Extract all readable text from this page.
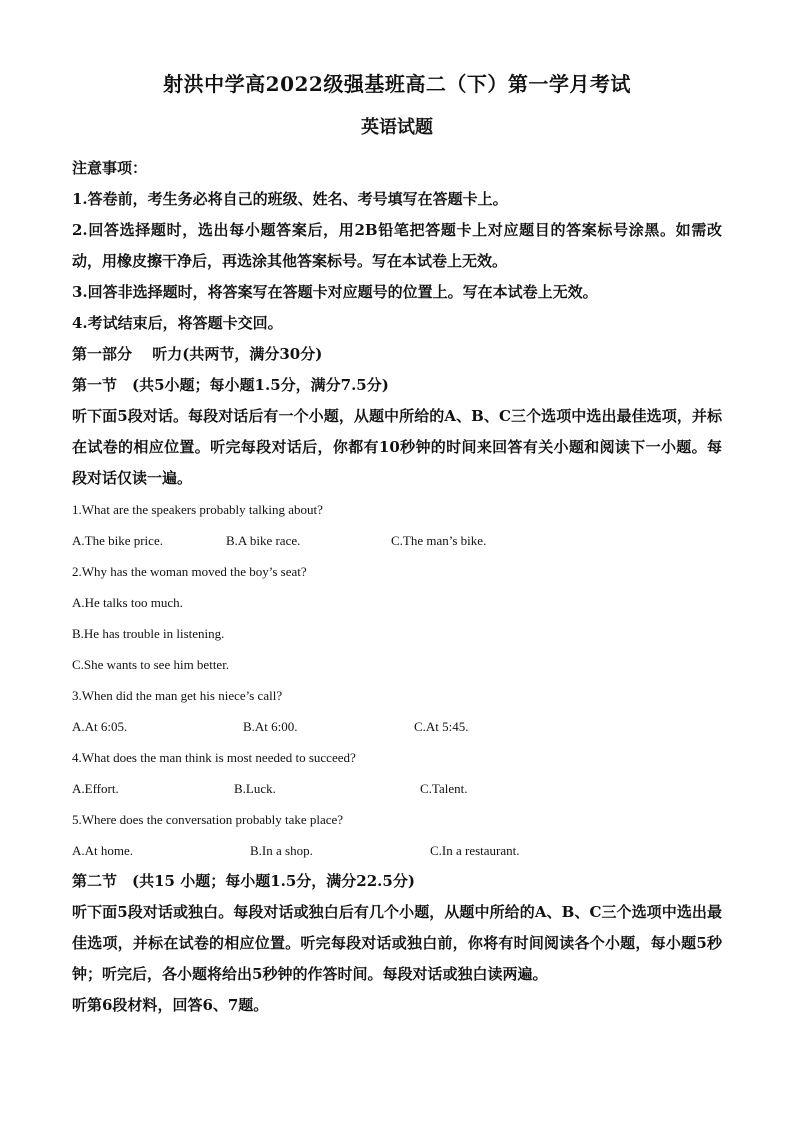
射洪中学高2022级强基班高二（下）第一学月考试
英语试题
注意事项：
1.答卷前，考生务必将自己的班级、姓名、考号填写在答题卡上。
2.回答选择题时，选出每小题答案后，用2B铅笔把答题卡上对应题目的答案标号涂黑。如需改动，用橡皮擦干净后，再选涂其他答案标号。写在本试卷上无效。
3.回答非选择题时，将答案写在答题卡对应题号的位置上。写在本试卷上无效。
4.考试结束后，将答题卡交回。
第一部分　 听力(共两节，满分30分)
第一节　(共5小题；每小题1.5分，满分7.5分)
听下面5段对话。每段对话后有一个小题，从题中所给的A、B、C三个选项中选出最佳选项，并标在试卷的相应位置。听完每段对话后，你都有10秒钟的时间来回答有关小题和阅读下一小题。每段对话仅读一遍。
1.What are the speakers probably talking about?
A.The bike price.	B.A bike race.	C.The man’s bike.
2.Why has the woman moved the boy’s seat?
A.He talks too much.
B.He has trouble in listening.
C.She wants to see him better.
3.When did the man get his niece’s call?
A.At 6:05.	B.At 6:00.	C.At 5:45.
4.What does the man think is most needed to succeed?
A.Effort.	B.Luck.	C.Talent.
5.Where does the conversation probably take place?
A.At home.	B.In a shop.	C.In a restaurant.
第二节　(共15 小题；每小题1.5分，满分22.5分)
听下面5段对话或独白。每段对话或独白后有几个小题，从题中所给的A、B、C三个选项中选出最佳选项，并标在试卷的相应位置。听完每段对话或独白前，你将有时间阅读各个小题，每小题5秒钟；听完后，各小题将给出5秒钟的作答时间。每段对话或独白读两遍。
听第6段材料，回答6、7题。
